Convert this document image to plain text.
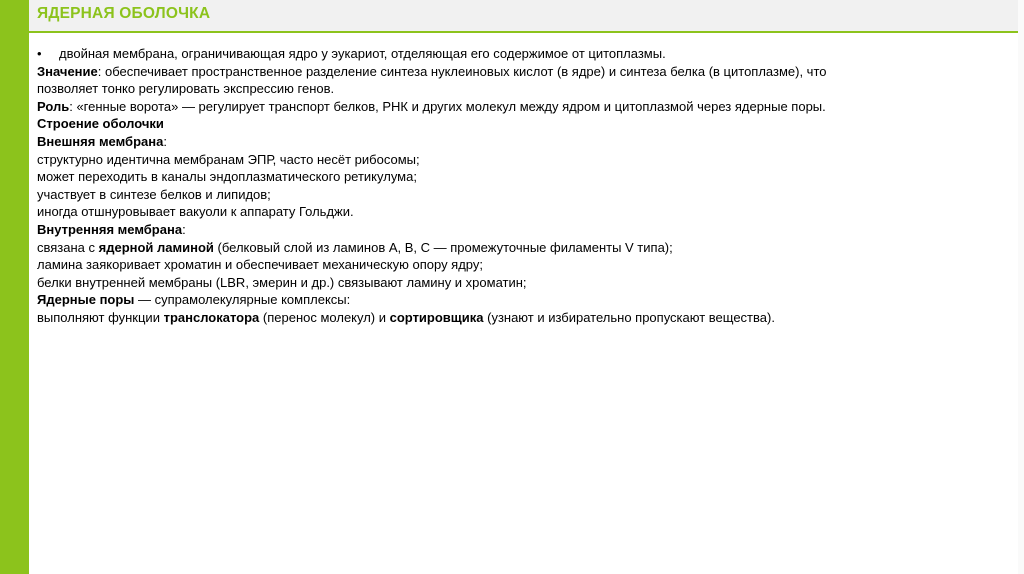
ЯДЕРНАЯ ОБОЛОЧКА
• двойная мембрана, ограничивающая ядро у эукариот, отделяющая его содержимое от цитоплазмы.
Значение: обеспечивает пространственное разделение синтеза нуклеиновых кислот (в ядре) и синтеза белка (в цитоплазме), что
позволяет тонко регулировать экспрессию генов.
Роль: «генные ворота» — регулирует транспорт белков, РНК и других молекул между ядром и цитоплазмой через ядерные поры.
Строение оболочки
Внешняя мембрана:
структурно идентична мембранам ЭПР, часто несёт рибосомы;
может переходить в каналы эндоплазматического ретикулума;
участвует в синтезе белков и липидов;
иногда отшнуровывает вакуоли к аппарату Гольджи.
Внутренняя мембрана:
связана с ядерной ламиной (белковый слой из ламинов A, B, C — промежуточные филаменты V типа);
ламина заякоривает хроматин и обеспечивает механическую опору ядру;
белки внутренней мембраны (LBR, эмерин и др.) связывают ламину и хроматин;
Ядерные поры — супрамолекулярные комплексы:
выполняют функции транслокатора (перенос молекул) и сортировщика (узнают и избирательно пропускают вещества).
